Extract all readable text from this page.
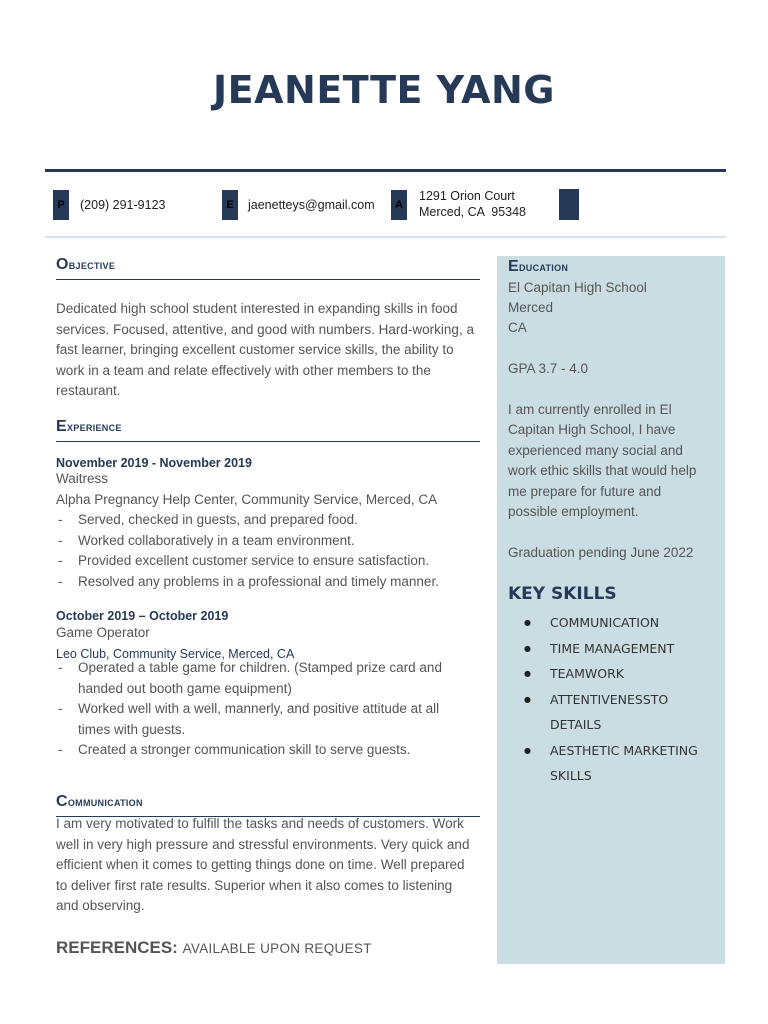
JEANETTE YANG
P	(209) 291-9123	E	jaenetteys@gmail.com	A
1291 Orion Court
Merced, CA  95348
Objective
Dedicated high school student interested in expanding skills in food services. Focused, attentive, and good with numbers. Hard-working, a fast learner, bringing excellent customer service skills, the ability to work in a team and relate effectively with other members to the restaurant.
Experience
November 2019 - November 2019
Waitress
Alpha Pregnancy Help Center, Community Service, Merced, CA
- Served, checked in guests, and prepared food.
- Worked collaboratively in a team environment.
- Provided excellent customer service to ensure satisfaction.
- Resolved any problems in a professional and timely manner.
October 2019 – October 2019
Game Operator
Leo Club, Community Service, Merced, CA
- Operated a table game for children. (Stamped prize card and handed out booth game equipment)
- Worked well with a well, mannerly, and positive attitude at all times with guests.
- Created a stronger communication skill to serve guests.
Communication
I am very motivated to fulfill the tasks and needs of customers. Work well in very high pressure and stressful environments. Very quick and efficient when it comes to getting things done on time. Well prepared to deliver first rate results. Superior when it also comes to listening and observing.
REFERENCES: AVAILABLE UPON REQUEST
Education
El Capitan High School
Merced
CA
GPA 3.7 - 4.0
I am currently enrolled in El Capitan High School, I have experienced many social and work ethic skills that would help me prepare for future and possible employment.
Graduation pending June 2022
KEY SKILLS
● COMMUNICATION
● TIME MANAGEMENT
● TEAMWORK
● ATTENTIVENESSTO DETAILS
● AESTHETIC MARKETING SKILLS
